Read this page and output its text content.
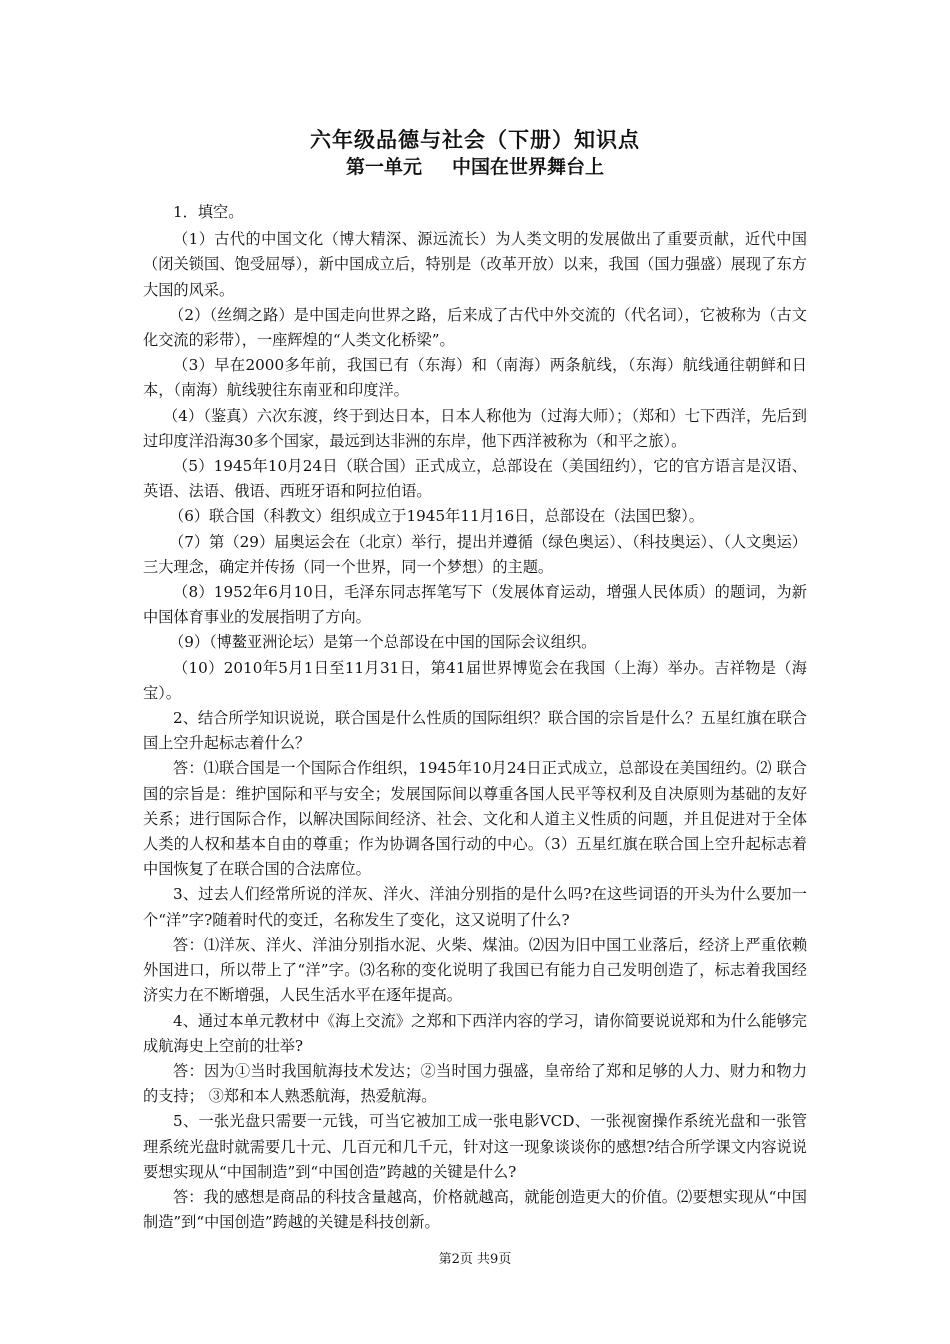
六年级品德与社会（下册）知识点
第一单元 中国在世界舞台上

1．填空。

（1）古代的中国文化（博大精深、源远流长）为人类文明的发展做出了重要贡献，近代中国（闭关锁国、饱受屈辱），新中国成立后，特别是（改革开放）以来，我国（国力强盛）展现了东方大国的风采。

（2）（丝绸之路）是中国走向世界之路，后来成了古代中外交流的（代名词），它被称为（古文化交流的彩带），一座辉煌的“人类文化桥梁”。

（3）早在2000多年前，我国已有（东海）和（南海）两条航线，（东海）航线通往朝鲜和日本，（南海）航线驶往东南亚和印度洋。

（4）（鉴真）六次东渡，终于到达日本，日本人称他为（过海大师）；（郑和）七下西洋，先后到过印度洋沿海30多个国家，最远到达非洲的东岸，他下西洋被称为（和平之旅）。

（5）1945年10月24日（联合国）正式成立，总部设在（美国纽约），它的官方语言是汉语、英语、法语、俄语、西班牙语和阿拉伯语。

（6）联合国（科教文）组织成立于1945年11月16日，总部设在（法国巴黎）。

（7）第（29）届奥运会在（北京）举行，提出并遵循（绿色奥运）、（科技奥运）、（人文奥运）三大理念，确定并传扬（同一个世界，同一个梦想）的主题。

（8）1952年6月10日，毛泽东同志挥笔写下（发展体育运动，增强人民体质）的题词，为新中国体育事业的发展指明了方向。

（9）（博鳌亚洲论坛）是第一个总部设在中国的国际会议组织。

（10）2010年5月1日至11月31日，第41届世界博览会在我国（上海）举办。吉祥物是（海宝）。

2、结合所学知识说说，联合国是什么性质的国际组织？联合国的宗旨是什么？五星红旗在联合国上空升起标志着什么？

答：⑴联合国是一个国际合作组织，1945年10月24日正式成立，总部设在美国纽约。⑵ 联合国的宗旨是：维护国际和平与安全；发展国际间以尊重各国人民平等权利及自决原则为基础的友好关系；进行国际合作，以解决国际间经济、社会、文化和人道主义性质的问题，并且促进对于全体人类的人权和基本自由的尊重；作为协调各国行动的中心。（3）五星红旗在联合国上空升起标志着中国恢复了在联合国的合法席位。

3、过去人们经常所说的洋灰、洋火、洋油分别指的是什么吗?在这些词语的开头为什么要加一个“洋”字?随着时代的变迁，名称发生了变化，这又说明了什么?

答：⑴洋灰、洋火、洋油分别指水泥、火柴、煤油。⑵因为旧中国工业落后，经济上严重依赖外国进口，所以带上了“洋”字。⑶名称的变化说明了我国已有能力自己发明创造了，标志着我国经济实力在不断增强，人民生活水平在逐年提高。

4、通过本单元教材中《海上交流》之郑和下西洋内容的学习，请你简要说说郑和为什么能够完成航海史上空前的壮举?

答：因为①当时我国航海技术发达；②当时国力强盛，皇帝给了郑和足够的人力、财力和物力的支持； ③郑和本人熟悉航海，热爱航海。

5、一张光盘只需要一元钱，可当它被加工成一张电影VCD、一张视窗操作系统光盘和一张管理系统光盘时就需要几十元、几百元和几千元，针对这一现象谈谈你的感想?结合所学课文内容说说要想实现从“中国制造”到“中国创造”跨越的关键是什么?

答：我的感想是商品的科技含量越高，价格就越高，就能创造更大的价值。⑵要想实现从“中国制造”到“中国创造”跨越的关键是科技创新。

第2页 共9页
